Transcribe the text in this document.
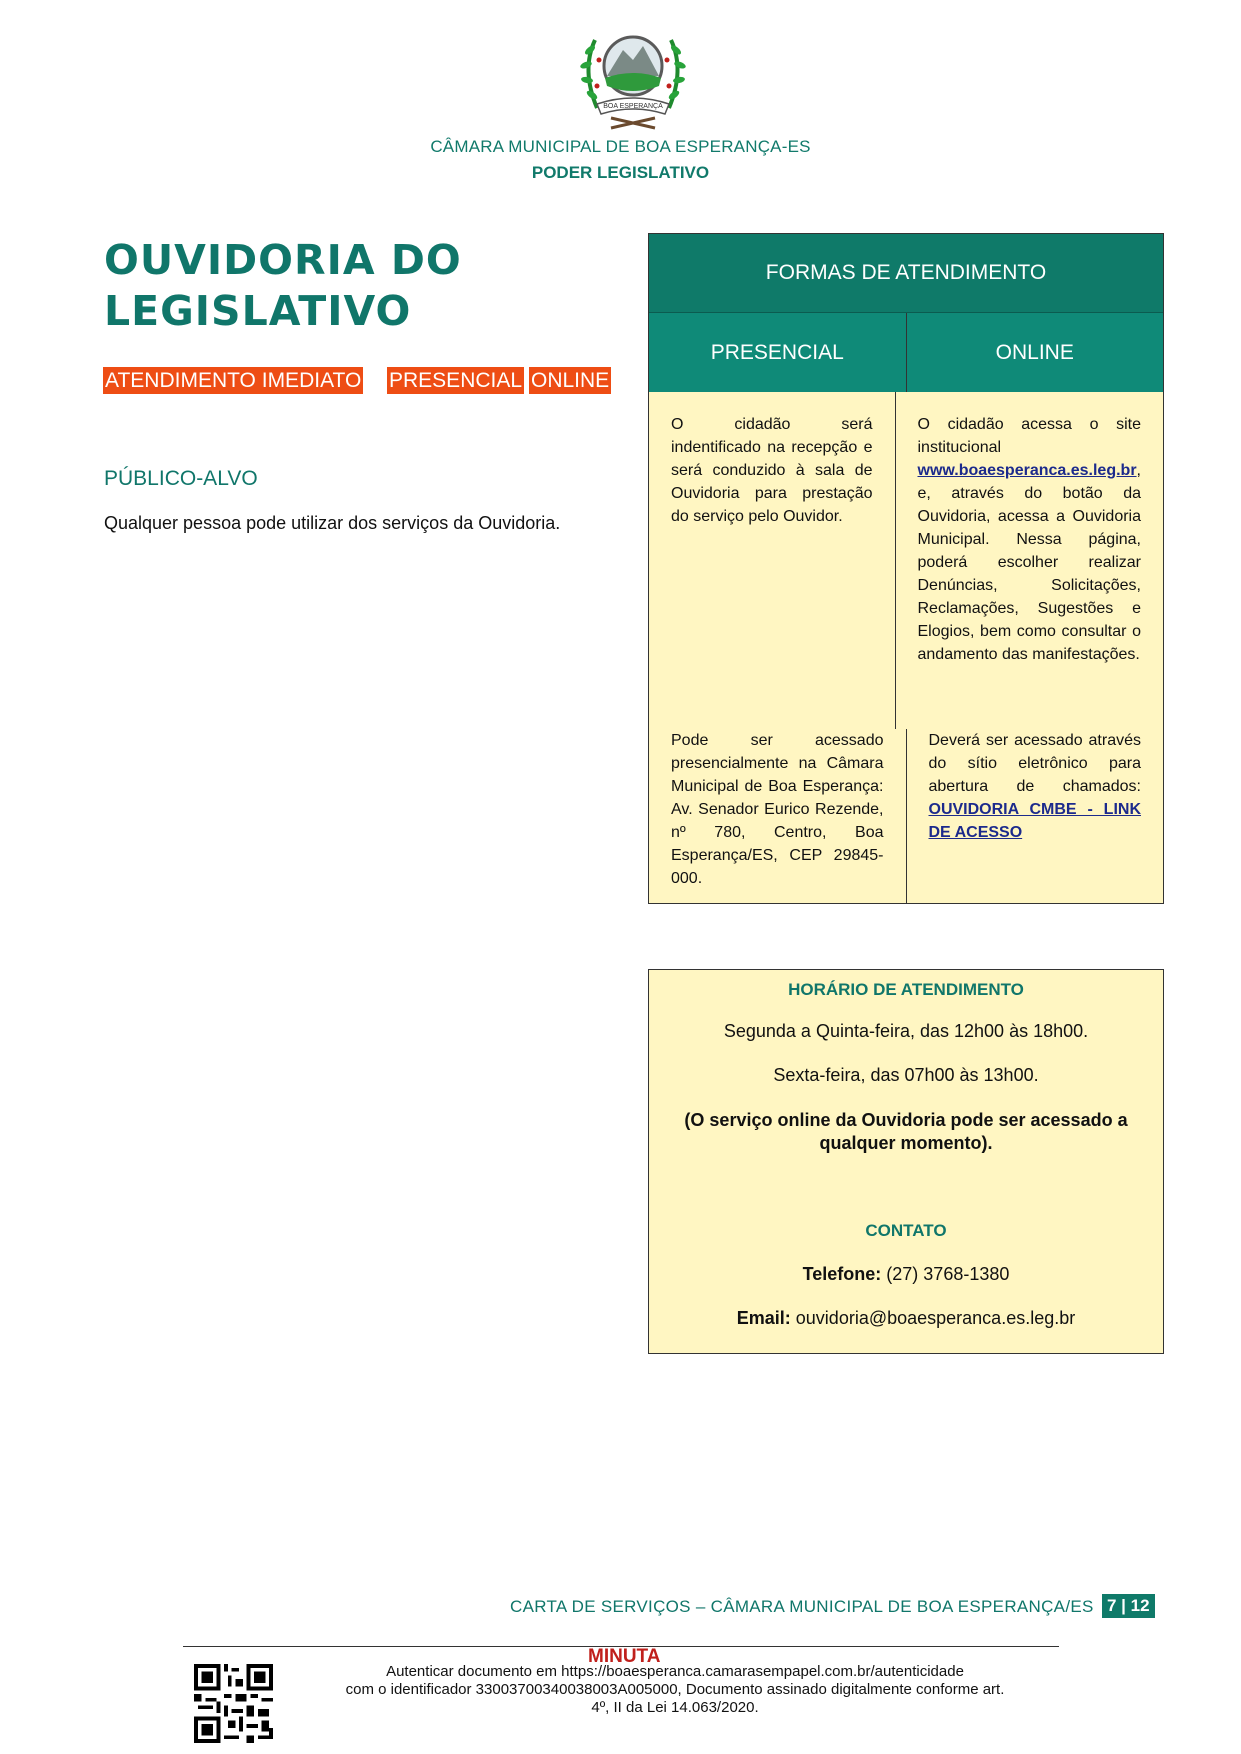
BOA ESPERANÇA
CÂMARA MUNICIPAL DE BOA ESPERANÇA-ES
PODER LEGISLATIVO
OUVIDORIA DO LEGISLATIVO
ATENDIMENTO IMEDIATO PRESENCIAL ONLINE
PÚBLICO-ALVO
Qualquer pessoa pode utilizar dos serviços da Ouvidoria.
FORMAS DE ATENDIMENTO
PRESENCIAL	ONLINE
O cidadão será indentificado na recepção e será conduzido à sala de Ouvidoria para prestação do serviço pelo Ouvidor.
O cidadão acessa o site institucional www.boaesperanca.es.leg.br, e, através do botão da Ouvidoria, acessa a Ouvidoria Municipal. Nessa página, poderá escolher realizar Denúncias, Solicitações, Reclamações, Sugestões e Elogios, bem como consultar o andamento das manifestações.
Pode ser acessado presencialmente na Câmara Municipal de Boa Esperança: Av. Senador Eurico Rezende, nº 780, Centro, Boa Esperança/ES, CEP 29845-000.
Deverá ser acessado através do sítio eletrônico para abertura de chamados: OUVIDORIA CMBE - LINK DE ACESSO
HORÁRIO DE ATENDIMENTO
Segunda a Quinta-feira, das 12h00 às 18h00.
Sexta-feira, das 07h00 às 13h00.
(O serviço online da Ouvidoria pode ser acessado a qualquer momento).
CONTATO
Telefone: (27) 3768-1380
Email: ouvidoria@boaesperanca.es.leg.br
CARTA DE SERVIÇOS – CÂMARA MUNICIPAL DE BOA ESPERANÇA/ES 7 | 12
MINUTA
Autenticar documento em https://boaesperanca.camarasempapel.com.br/autenticidade
com o identificador 33003700340038003A005000, Documento assinado digitalmente conforme art.
4º, II da Lei 14.063/2020.
